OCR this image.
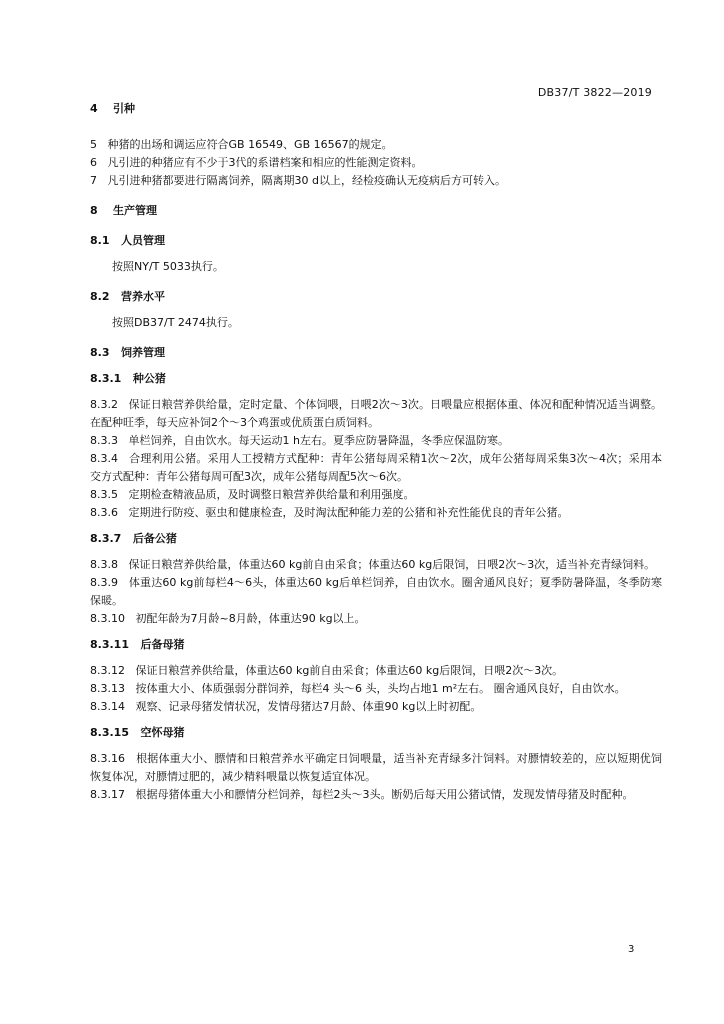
DB37/T 3822—2019

4 引种

5 种猪的出场和调运应符合GB 16549、GB 16567的规定。

6 凡引进的种猪应有不少于3代的系谱档案和相应的性能测定资料。

7 凡引进种猪都要进行隔离饲养，隔离期30 d以上，经检疫确认无疫病后方可转入。

8 生产管理

8.1 人员管理

按照NY/T 5033执行。

8.2 营养水平

按照DB37/T 2474执行。

8.3 饲养管理

8.3.1 种公猪

8.3.2 保证日粮营养供给量，定时定量、个体饲喂，日喂2次～3次。日喂量应根据体重、体况和配种情况适当调整。在配种旺季，每天应补饲2个～3个鸡蛋或优质蛋白质饲料。

8.3.3 单栏饲养，自由饮水。每天运动1 h左右。夏季应防暑降温，冬季应保温防寒。

8.3.4 合理利用公猪。采用人工授精方式配种：青年公猪每周采精1次～2次，成年公猪每周采集3次～4次；采用本交方式配种：青年公猪每周可配3次，成年公猪每周配5次～6次。

8.3.5 定期检查精液品质，及时调整日粮营养供给量和利用强度。

8.3.6 定期进行防疫、驱虫和健康检查，及时淘汰配种能力差的公猪和补充性能优良的青年公猪。

8.3.7 后备公猪

8.3.8 保证日粮营养供给量，体重达60 kg前自由采食；体重达60 kg后限饲，日喂2次～3次，适当补充青绿饲料。

8.3.9 体重达60 kg前每栏4～6头，体重达60 kg后单栏饲养，自由饮水。圈舍通风良好；夏季防暑降温，冬季防寒保暖。

8.3.10 初配年龄为7月龄~8月龄，体重达90 kg以上。

8.3.11 后备母猪

8.3.12 保证日粮营养供给量，体重达60 kg前自由采食；体重达60 kg后限饲，日喂2次～3次。

8.3.13 按体重大小、体质强弱分群饲养，每栏4 头～6 头，头均占地1 m²左右。 圈舍通风良好，自由饮水。

8.3.14 观察、记录母猪发情状况，发情母猪达7月龄、体重90 kg以上时初配。

8.3.15 空怀母猪

8.3.16 根据体重大小、膘情和日粮营养水平确定日饲喂量，适当补充青绿多汁饲料。对膘情较差的，应以短期优饲恢复体况，对膘情过肥的，减少精料喂量以恢复适宜体况。

8.3.17 根据母猪体重大小和膘情分栏饲养，每栏2头～3头。断奶后每天用公猪试情，发现发情母猪及时配种。

3
